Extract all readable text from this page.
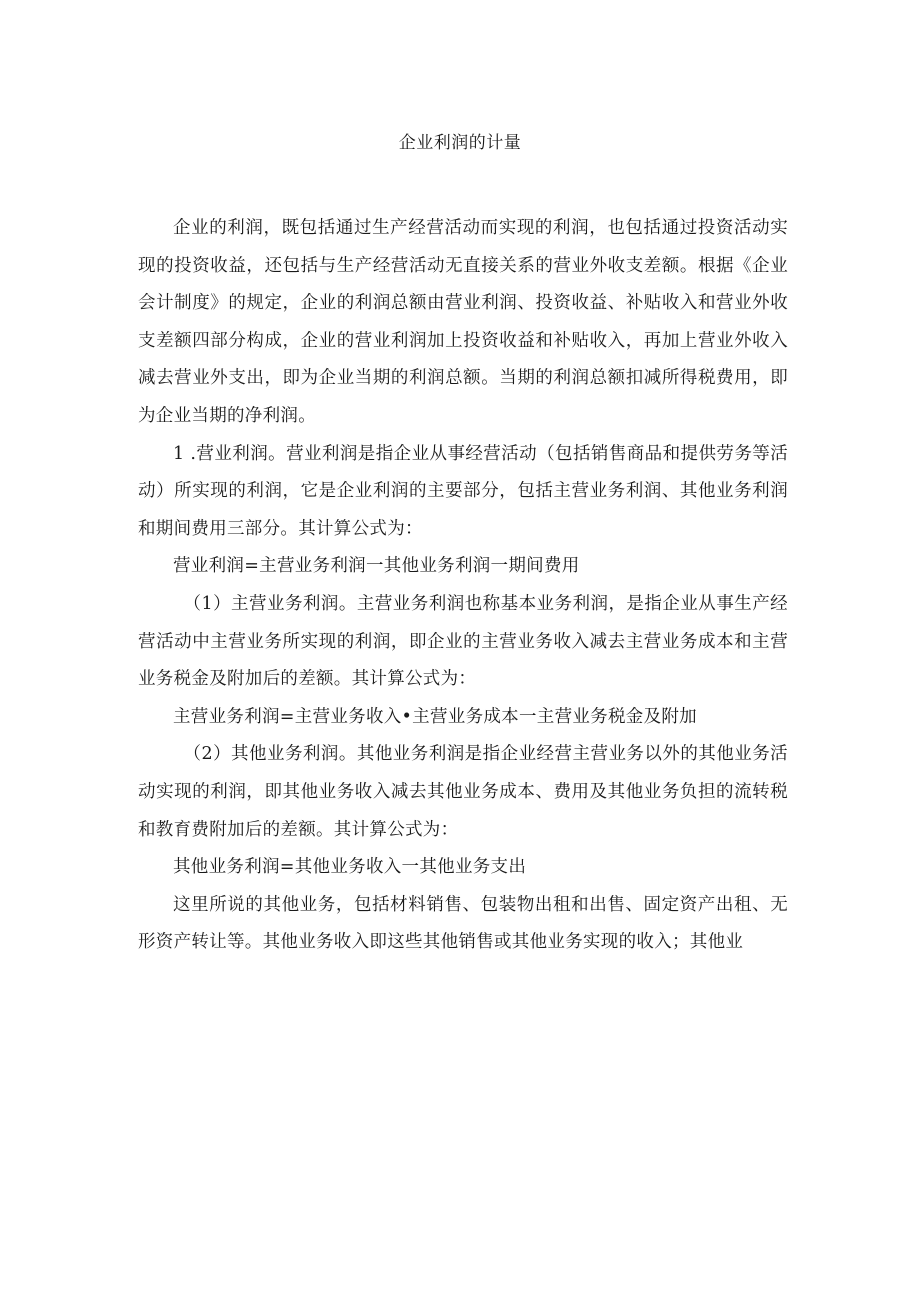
企业利润的计量

企业的利润，既包括通过生产经营活动而实现的利润，也包括通过投资活动实现的投资收益，还包括与生产经营活动无直接关系的营业外收支差额。根据《企业会计制度》的规定，企业的利润总额由营业利润、投资收益、补贴收入和营业外收支差额四部分构成，企业的营业利润加上投资收益和补贴收入，再加上营业外收入减去营业外支出，即为企业当期的利润总额。当期的利润总额扣减所得税费用，即为企业当期的净利润。

1 .营业利润。营业利润是指企业从事经营活动（包括销售商品和提供劳务等活动）所实现的利润，它是企业利润的主要部分，包括主营业务利润、其他业务利润和期间费用三部分。其计算公式为：

营业利润=主营业务利润一其他业务利润一期间费用

（1）主营业务利润。主营业务利润也称基本业务利润，是指企业从事生产经营活动中主营业务所实现的利润，即企业的主营业务收入减去主营业务成本和主营业务税金及附加后的差额。其计算公式为：

主营业务利润=主营业务收入•主营业务成本一主营业务税金及附加

（2）其他业务利润。其他业务利润是指企业经营主营业务以外的其他业务活动实现的利润，即其他业务收入减去其他业务成本、费用及其他业务负担的流转税和教育费附加后的差额。其计算公式为：

其他业务利润=其他业务收入一其他业务支出

这里所说的其他业务，包括材料销售、包装物出租和出售、固定资产出租、无形资产转让等。其他业务收入即这些其他销售或其他业务实现的收入；其他业
